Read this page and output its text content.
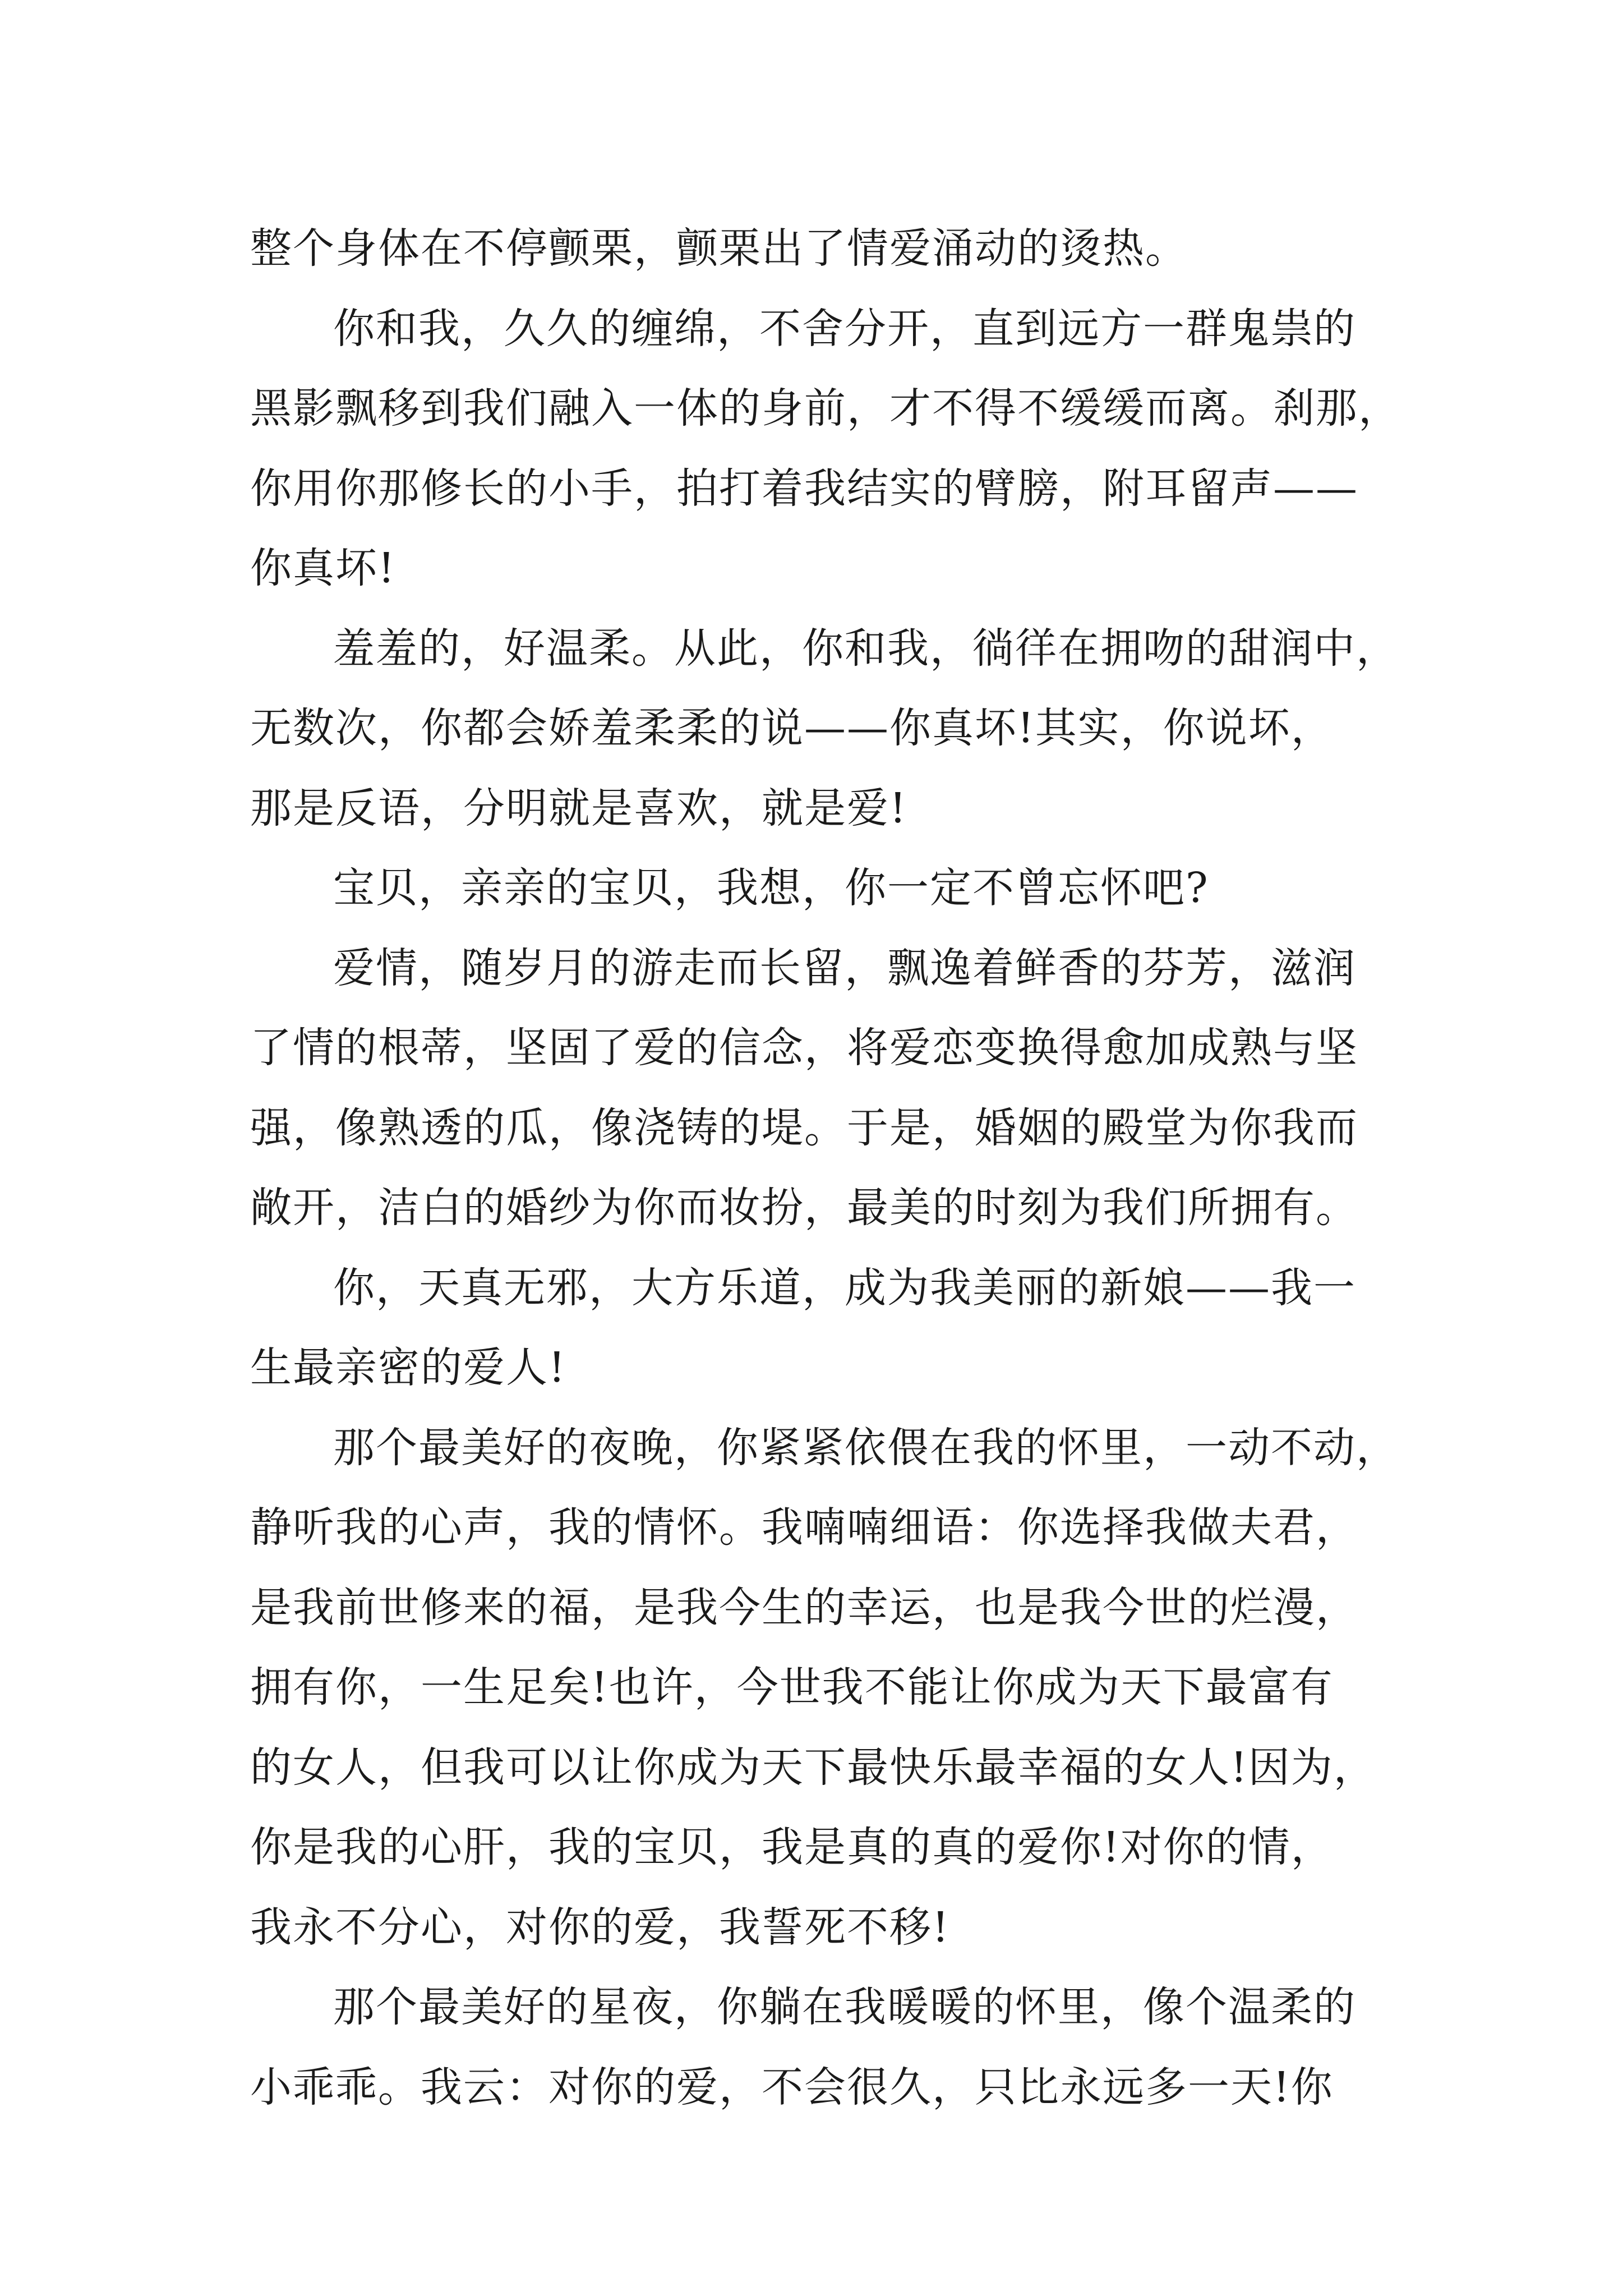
整个身体在不停颤栗，颤栗出了情爱涌动的烫热。

你和我，久久的缠绵，不舍分开，直到远方一群鬼祟的
黑影飘移到我们融入一体的身前，才不得不缓缓而离。刹那，
你用你那修长的小手，拍打着我结实的臂膀，附耳留声——
你真坏!

羞羞的，好温柔。从此，你和我，徜徉在拥吻的甜润中，
无数次，你都会娇羞柔柔的说——你真坏!其实，你说坏，
那是反语，分明就是喜欢，就是爱!

宝贝，亲亲的宝贝，我想，你一定不曾忘怀吧?

爱情，随岁月的游走而长留，飘逸着鲜香的芬芳，滋润
了情的根蒂，坚固了爱的信念，将爱恋变换得愈加成熟与坚
强，像熟透的瓜，像浇铸的堤。于是，婚姻的殿堂为你我而
敞开，洁白的婚纱为你而妆扮，最美的时刻为我们所拥有。

你，天真无邪，大方乐道，成为我美丽的新娘——我一
生最亲密的爱人!

那个最美好的夜晚，你紧紧依偎在我的怀里，一动不动，
静听我的心声，我的情怀。我喃喃细语：你选择我做夫君，
是我前世修来的福，是我今生的幸运，也是我今世的烂漫，
拥有你，一生足矣!也许，今世我不能让你成为天下最富有
的女人，但我可以让你成为天下最快乐最幸福的女人!因为，
你是我的心肝，我的宝贝，我是真的真的爱你!对你的情，
我永不分心，对你的爱，我誓死不移!

那个最美好的星夜，你躺在我暖暖的怀里，像个温柔的
小乖乖。我云：对你的爱，不会很久，只比永远多一天!你
